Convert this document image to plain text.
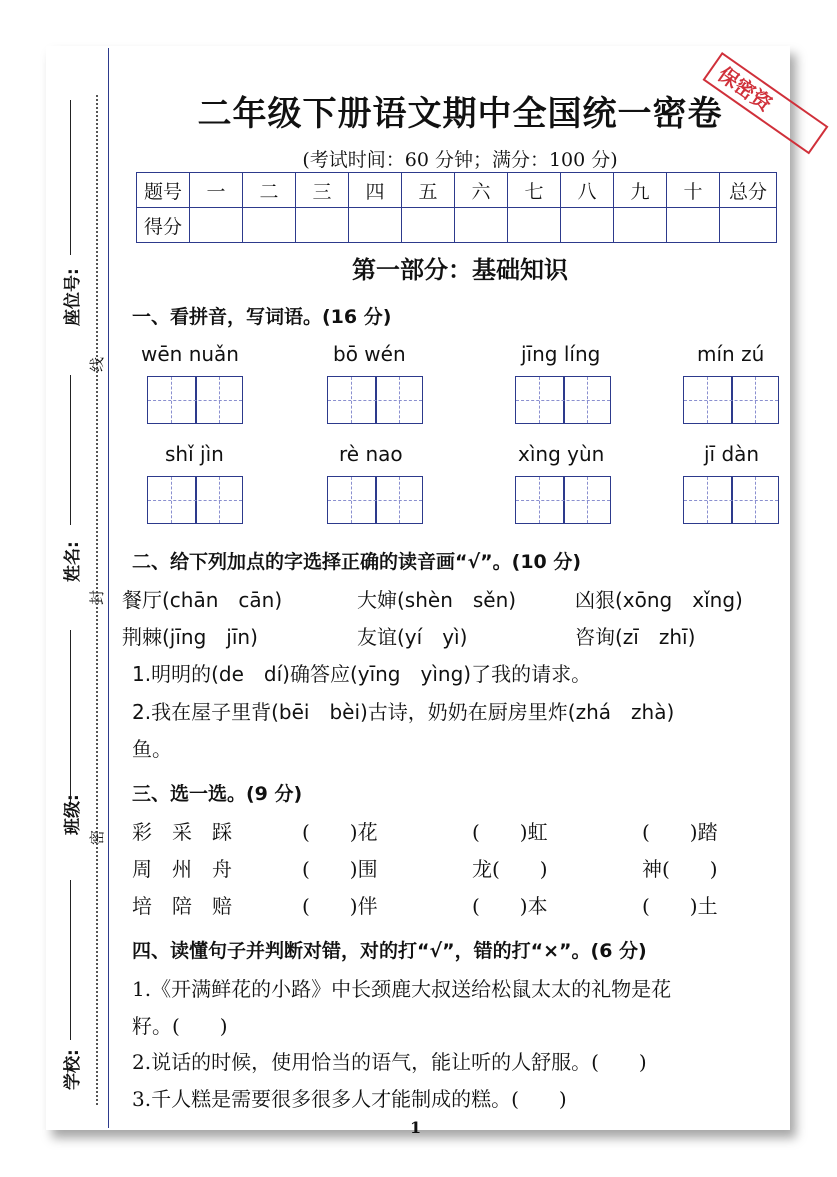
座位号:
姓名:
班级:
学校:
线
封
密
保密资
二年级下册语文期中全国统一密卷
(考试时间：60 分钟；满分：100 分)
题号	一	二	三	四	五	六	七	八	九	十	总分
得分											
第一部分：基础知识
一、看拼音，写词语。(16 分)
wēn nuǎn	bō wén	jīng líng	mín zú
shǐ jìn	rè nao	xìng yùn	jī dàn
二、给下列加点的字选择正确的读音画“√”。(10 分)
餐厅(chān　cān)	大婶(shèn　sěn)	凶狠(xōng　xǐng)
荆棘(jīng　jīn)	友谊(yí　yì)	咨询(zī　zhī)
1.明明的(de　dí)确答应(yīng　yìng)了我的请求。
2.我在屋子里背(bēi　bèi)古诗，奶奶在厨房里炸(zhá　zhà)
鱼。
三、选一选。(9 分)
彩　采　踩	(　　)花	(　　)虹	(　　)踏
周　州　舟	(　　)围	龙(　　)	神(　　)
培　陪　赔	(　　)伴	(　　)本	(　　)土
四、读懂句子并判断对错，对的打“√”，错的打“×”。(6 分)
1.《开满鲜花的小路》中长颈鹿大叔送给松鼠太太的礼物是花
籽。(　　)
2.说话的时候，使用恰当的语气，能让听的人舒服。(　　)
3.千人糕是需要很多很多人才能制成的糕。(　　)
1
